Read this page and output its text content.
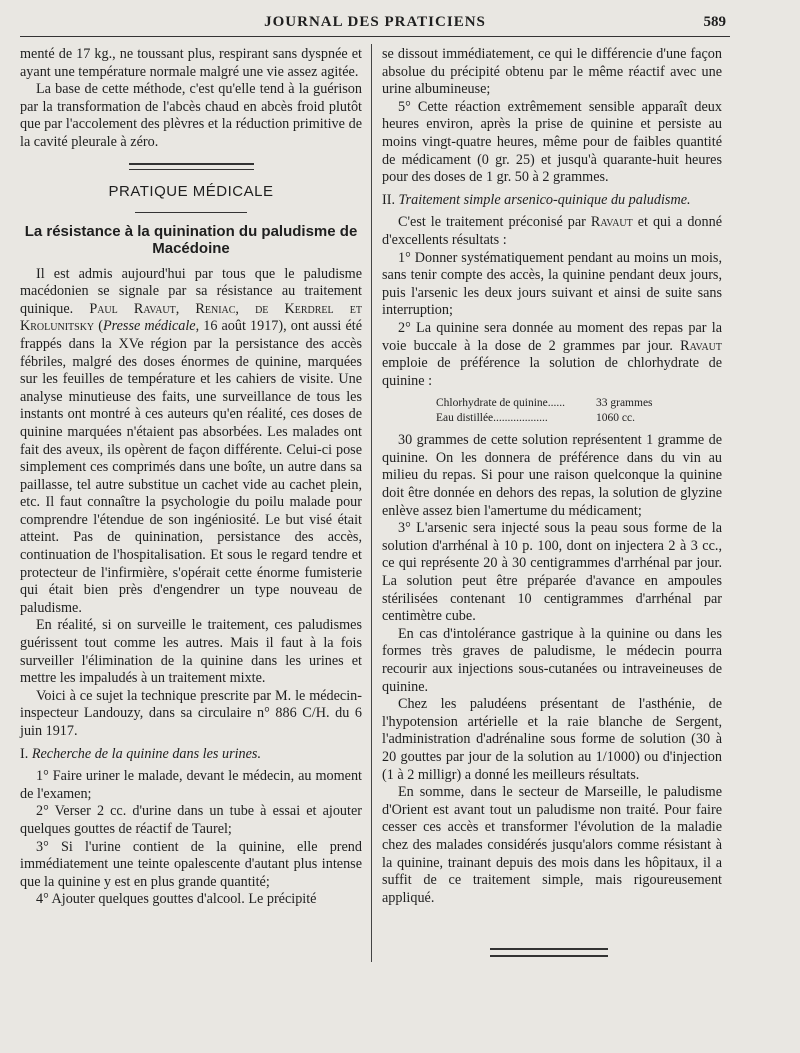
JOURNAL DES PRATICIENS	589

menté de 17 kg., ne toussant plus, respirant sans dyspnée et ayant une température normale malgré une vie assez agitée.

La base de cette méthode, c'est qu'elle tend à la guérison par la transformation de l'abcès chaud en abcès froid plutôt que par l'accolement des plèvres et la réduction primitive de la cavité pleurale à zéro.

PRATIQUE MÉDICALE
La résistance à la quinination du paludisme de Macédoine

Il est admis aujourd'hui par tous que le paludisme macédonien se signale par sa résistance au traitement quinique. Paul Ravaut, Reniac, de Kerdrel et Krolunitsky (Presse médicale, 16 août 1917), ont aussi été frappés dans la XVe région par la persistance des accès fébriles, malgré des doses énormes de quinine, marquées sur les feuilles de température et les cahiers de visite. Une analyse minutieuse des faits, une surveillance de tous les instants ont montré à ces auteurs qu'en réalité, ces doses de quinine marquées n'étaient pas absorbées. Les malades ont fait des aveux, ils opèrent de façon différente. Celui-ci pose simplement ces comprimés dans une boîte, un autre dans sa paillasse, tel autre substitue un cachet vide au cachet plein, etc. Il faut connaître la psychologie du poilu malade pour comprendre l'étendue de son ingéniosité. Le but visé était atteint. Pas de quinination, persistance des accès, continuation de l'hospitalisation. Et sous le regard tendre et protecteur de l'infirmière, s'opérait cette énorme fumisterie qui était bien près d'engendrer un type nouveau de paludisme.

En réalité, si on surveille le traitement, ces paludismes guérissent tout comme les autres. Mais il faut à la fois surveiller l'élimination de la quinine dans les urines et mettre les impaludés à un traitement mixte.

Voici à ce sujet la technique prescrite par M. le médecin-inspecteur Landouzy, dans sa circulaire n° 886 C/H. du 6 juin 1917.

I. Recherche de la quinine dans les urines.

1° Faire uriner le malade, devant le médecin, au moment de l'examen;

2° Verser 2 cc. d'urine dans un tube à essai et ajouter quelques gouttes de réactif de Taurel;

3° Si l'urine contient de la quinine, elle prend immédiatement une teinte opalescente d'autant plus intense que la quinine y est en plus grande quantité;

4° Ajouter quelques gouttes d'alcool. Le précipité

se dissout immédiatement, ce qui le différencie d'une façon absolue du précipité obtenu par le même réactif avec une urine albumineuse;

5° Cette réaction extrêmement sensible apparaît deux heures environ, après la prise de quinine et persiste au moins vingt-quatre heures, même pour de faibles quantité de médicament (0 gr. 25) et jusqu'à quarante-huit heures pour des doses de 1 gr. 50 à 2 grammes.

II. Traitement simple arsenico-quinique du paludisme.

C'est le traitement préconisé par Ravaut et qui a donné d'excellents résultats :

1° Donner systématiquement pendant au moins un mois, sans tenir compte des accès, la quinine pendant deux jours, puis l'arsenic les deux jours suivant et ainsi de suite sans interruption;

2° La quinine sera donnée au moment des repas par la voie buccale à la dose de 2 grammes par jour. Ravaut emploie de préférence la solution de chlorhydrate de quinine :

Chlorhydrate de quinine......	33 grammes
Eau distillée...................	1060 cc.

30 grammes de cette solution représentent 1 gramme de quinine. On les donnera de préférence dans du vin au milieu du repas. Si pour une raison quelconque la quinine doit être donnée en dehors des repas, la solution de glyzine enlève assez bien l'amertume du médicament;

3° L'arsenic sera injecté sous la peau sous forme de la solution d'arrhénal à 10 p. 100, dont on injectera 2 à 3 cc., ce qui représente 20 à 30 centigrammes d'arrhénal par jour. La solution peut être préparée d'avance en ampoules stérilisées contenant 10 centigrammes d'arrhénal par centimètre cube.

En cas d'intolérance gastrique à la quinine ou dans les formes très graves de paludisme, le médecin pourra recourir aux injections sous-cutanées ou intraveineuses de quinine.

Chez les paludéens présentant de l'asthénie, de l'hypotension artérielle et la raie blanche de Sergent, l'administration d'adrénaline sous forme de solution (30 à 20 gouttes par jour de la solution au 1/1000) ou d'injection (1 à 2 milligr) a donné les meilleurs résultats.

En somme, dans le secteur de Marseille, le paludisme d'Orient est avant tout un paludisme non traité. Pour faire cesser ces accès et transformer l'évolution de la maladie chez des malades considérés jusqu'alors comme résistant à la quinine, trainant depuis des mois dans les hôpitaux, il a suffit de ce traitement simple, mais rigoureusement appliqué.
